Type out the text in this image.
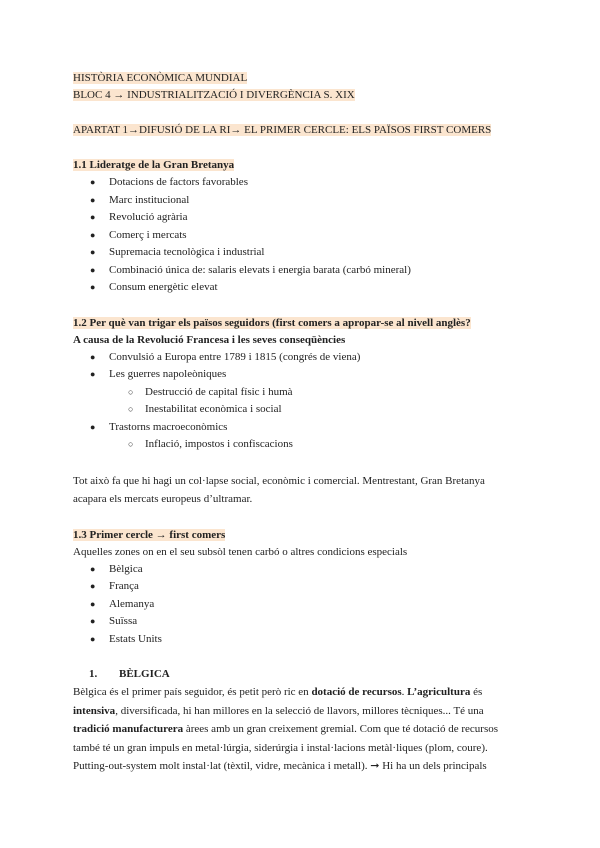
HISTÒRIA ECONÒMICA MUNDIAL
BLOC 4 → INDUSTRIALITZACIÓ I DIVERGÈNCIA S. XIX
APARTAT 1→DIFUSIÓ DE LA RI→ EL PRIMER CERCLE: ELS PAÏSOS FIRST COMERS
1.1 Lideratge de la Gran Bretanya
● Dotacions de factors favorables
● Marc institucional
● Revolució agrària
● Comerç i mercats
● Supremacia tecnològica i industrial
● Combinació única de: salaris elevats i energia barata (carbó mineral)
● Consum energètic elevat
1.2 Per què van trigar els països seguidors (first comers a apropar-se al nivell anglès?
A causa de la Revolució Francesa i les seves conseqüències
● Convulsió a Europa entre 1789 i 1815 (congrés de viena)
● Les guerres napoleòniques
○ Destrucció de capital físic i humà
○ Inestabilitat econòmica i social
● Trastorns macroeconòmics
○ Inflació, impostos i confiscacions
Tot això fa que hi hagi un col·lapse social, econòmic i comercial. Mentrestant, Gran Bretanya
acapara els mercats europeus d’ultramar.
1.3 Primer cercle → first comers
Aquelles zones on en el seu subsòl tenen carbó o altres condicions especials
● Bèlgica
● França
● Alemanya
● Suïssa
● Estats Units
1. BÈLGICA
Bèlgica és el primer país seguidor, és petit però ric en dotació de recursos. L’agricultura és
intensiva, diversificada, hi han millores en la selecció de llavors, millores tècniques... Té una
tradició manufacturera àrees amb un gran creixement gremial. Com que té dotació de recursos
també té un gran impuls en metal·lúrgia, siderúrgia i instal·lacions metàl·liques (plom, coure).
Putting-out-system molt instal·lat (tèxtil, vidre, mecànica i metall). ➞ Hi ha un dels principals
